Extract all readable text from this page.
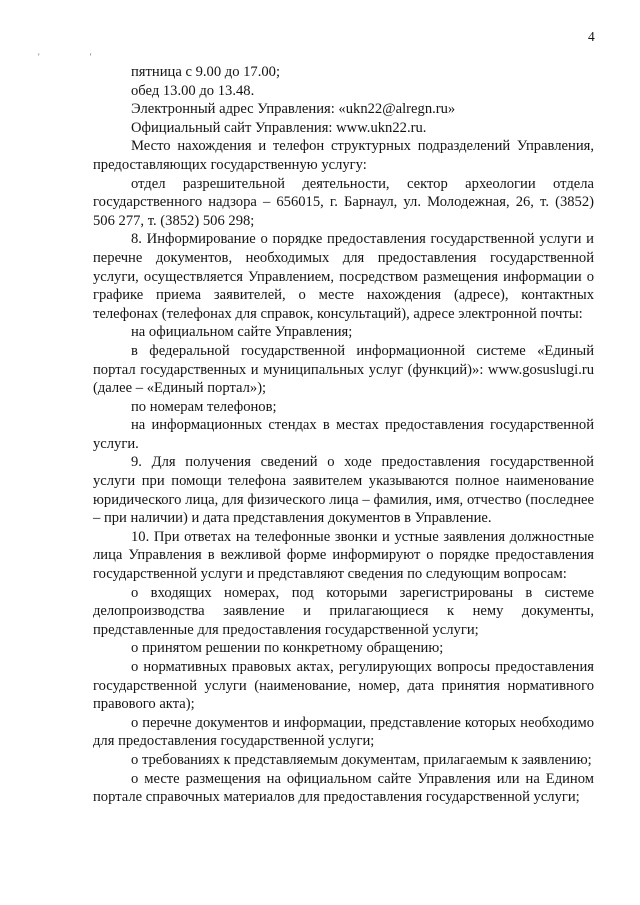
4
' '

пятница с 9.00 до 17.00;

обед 13.00 до 13.48.

Электронный адрес Управления: «ukn22@alregn.ru»

Официальный сайт Управления: www.ukn22.ru.

Место нахождения и телефон структурных подразделений Управления, предоставляющих государственную услугу:

отдел разрешительной деятельности, сектор археологии отдела государственного надзора – 656015, г. Барнаул, ул. Молодежная, 26, т. (3852) 506 277, т. (3852) 506 298;

8. Информирование о порядке предоставления государственной услуги и перечне документов, необходимых для предоставления государственной услуги, осуществляется Управлением, посредством размещения информации о графике приема заявителей, о месте нахождения (адресе), контактных телефонах (телефонах для справок, консультаций), адресе электронной почты:

на официальном сайте Управления;

в федеральной государственной информационной системе «Единый портал государственных и муниципальных услуг (функций)»: www.gosuslugi.ru (далее – «Единый портал»);

по номерам телефонов;

на информационных стендах в местах предоставления государственной услуги.

9. Для получения сведений о ходе предоставления государственной услуги при помощи телефона заявителем указываются полное наименование юридического лица, для физического лица – фамилия, имя, отчество (последнее – при наличии) и дата представления документов в Управление.

10. При ответах на телефонные звонки и устные заявления должностные лица Управления в вежливой форме информируют о порядке предоставления государственной услуги и представляют сведения по следующим вопросам:

о входящих номерах, под которыми зарегистрированы в системе делопроизводства заявление и прилагающиеся к нему документы, представленные для предоставления государственной услуги;

о принятом решении по конкретному обращению;

о нормативных правовых актах, регулирующих вопросы предоставления государственной услуги (наименование, номер, дата принятия нормативного правового акта);

о перечне документов и информации, представление которых необходимо для предоставления государственной услуги;

о требованиях к представляемым документам, прилагаемым к заявлению;

о месте размещения на официальном сайте Управления или на Едином портале справочных материалов для предоставления государственной услуги;
